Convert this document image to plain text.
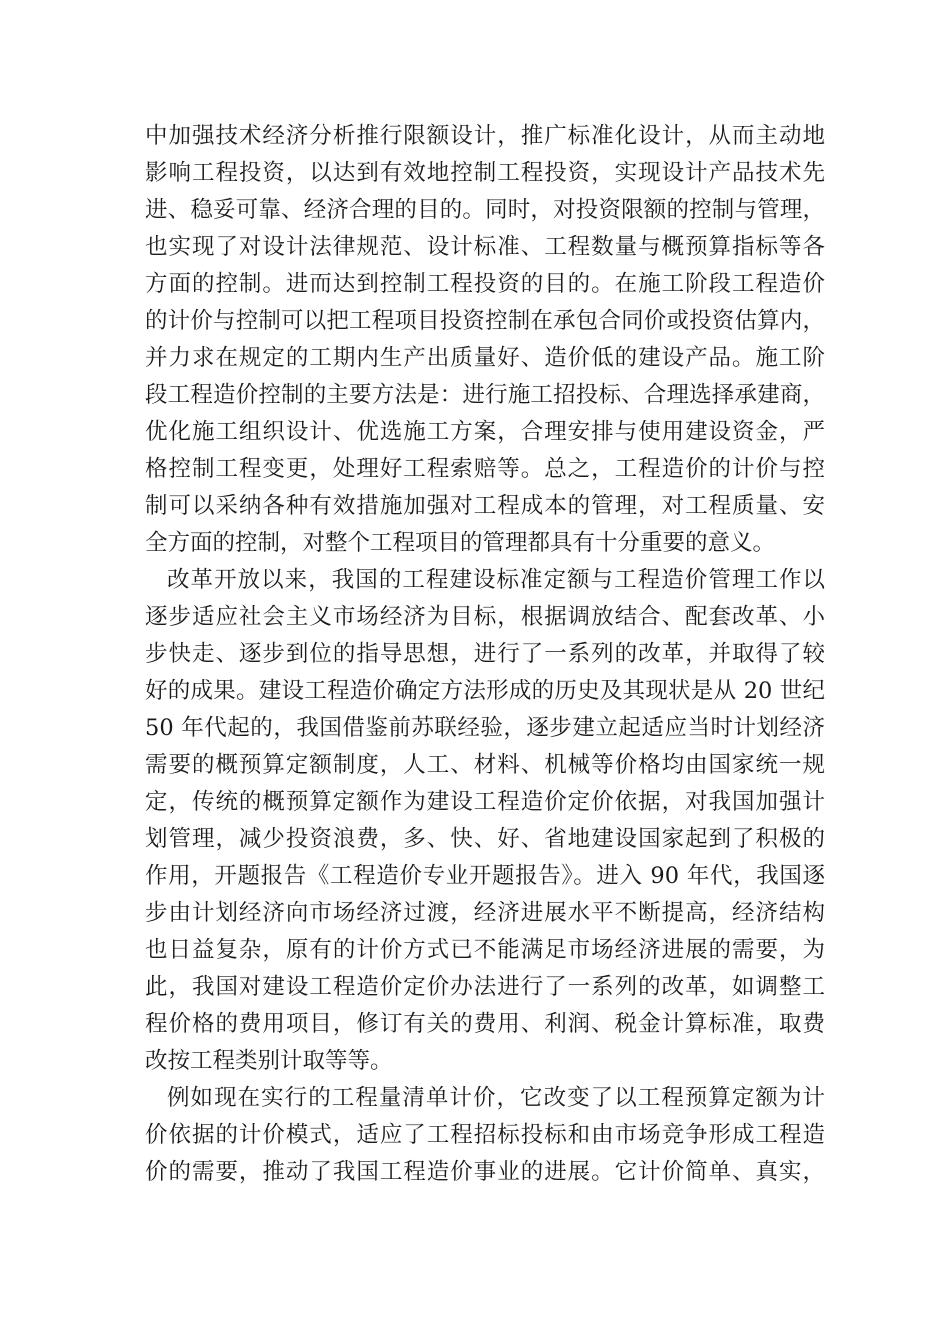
中加强技术经济分析推行限额设计，推广标准化设计，从而主动地
影响工程投资，以达到有效地控制工程投资，实现设计产品技术先
进、稳妥可靠、经济合理的目的。同时，对投资限额的控制与管理，
也实现了对设计法律规范、设计标准、工程数量与概预算指标等各
方面的控制。进而达到控制工程投资的目的。在施工阶段工程造价
的计价与控制可以把工程项目投资控制在承包合同价或投资估算内，
并力求在规定的工期内生产出质量好、造价低的建设产品。施工阶
段工程造价控制的主要方法是：进行施工招投标、合理选择承建商，
优化施工组织设计、优选施工方案，合理安排与使用建设资金，严
格控制工程变更，处理好工程索赔等。总之，工程造价的计价与控
制可以采纳各种有效措施加强对工程成本的管理，对工程质量、安
全方面的控制，对整个工程项目的管理都具有十分重要的意义。
改革开放以来，我国的工程建设标准定额与工程造价管理工作以
逐步适应社会主义市场经济为目标，根据调放结合、配套改革、小
步快走、逐步到位的指导思想，进行了一系列的改革，并取得了较
好的成果。建设工程造价确定方法形成的历史及其现状是从 20 世纪
50 年代起的，我国借鉴前苏联经验，逐步建立起适应当时计划经济
需要的概预算定额制度，人工、材料、机械等价格均由国家统一规
定，传统的概预算定额作为建设工程造价定价依据，对我国加强计
划管理，减少投资浪费，多、快、好、省地建设国家起到了积极的
作用，开题报告《工程造价专业开题报告》。进入 90 年代，我国逐
步由计划经济向市场经济过渡，经济进展水平不断提高，经济结构
也日益复杂，原有的计价方式已不能满足市场经济进展的需要，为
此，我国对建设工程造价定价办法进行了一系列的改革，如调整工
程价格的费用项目，修订有关的费用、利润、税金计算标准，取费
改按工程类别计取等等。
例如现在实行的工程量清单计价，它改变了以工程预算定额为计
价依据的计价模式，适应了工程招标投标和由市场竞争形成工程造
价的需要，推动了我国工程造价事业的进展。它计价简单、真实，
